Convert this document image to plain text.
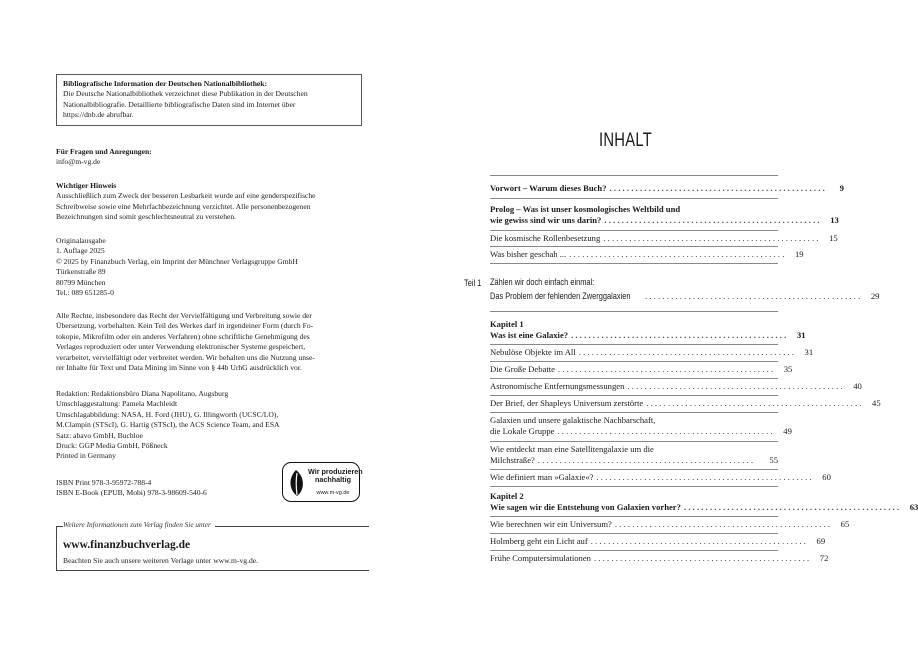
Bibliografische Information der Deutschen Nationalbibliothek:
Die Deutsche Nationalbibliothek verzeichnet diese Publikation in der Deutschen
Nationalbibliografie. Detaillierte bibliografische Daten sind im Internet über
https://dnb.de abrufbar.
Für Fragen und Anregungen:
info@m-vg.de
Wichtiger Hinweis
Ausschließlich zum Zweck der besseren Lesbarkeit wurde auf eine genderspezifische
Schreibweise sowie eine Mehrfachbezeichnung verzichtet. Alle personenbezogenen
Bezeichnungen sind somit geschlechtsneutral zu verstehen.
Originalausgabe
1. Auflage 2025
© 2025 by Finanzbuch Verlag, ein Imprint der Münchner Verlagsgruppe GmbH
Türkenstraße 89
80799 München
Tel.: 089 651285-0
Alle Rechte, insbesondere das Recht der Vervielfältigung und Verbreitung sowie der
Übersetzung, vorbehalten. Kein Teil des Werkes darf in irgendeiner Form (durch Fo-
tokopie, Mikrofilm oder ein anderes Verfahren) ohne schriftliche Genehmigung des
Verlages reproduziert oder unter Verwendung elektronischer Systeme gespeichert,
verarbeitet, vervielfältigt oder verbreitet werden. Wir behalten uns die Nutzung unse-
rer Inhalte für Text und Data Mining im Sinne von § 44b UrhG ausdrücklich vor.
Redaktion: Redaktionsbüro Diana Napolitano, Augsburg
Umschlaggestaltung: Pamela Machleidt
Umschlagabbildung: NASA, H. Ford (JHU), G. Illingworth (UCSC/LO),
M.Clampin (STScI), G. Hartig (STScI), the ACS Science Team, and ESA
Satz: abavo GmbH, Buchloe
Druck: GGP Media GmbH, Pößneck
Printed in Germany
ISBN Print 978-3-95972-788-4
ISBN E-Book (EPUB, Mobi) 978-3-98609-540-6
Wir produzieren
nachhaltig
www.m-vg.de
Weitere Informationen zum Verlag finden Sie unter
www.finanzbuchverlag.de
Beachten Sie auch unsere weiteren Verlage unter www.m-vg.de.
INHALT
Vorwort – Warum dieses Buch? ..................................................	9
Prolog – Was ist unser kosmologisches Weltbild und
wie gewiss sind wir uns darin? .................................................. 13
Die kosmische Rollenbesetzung .................................................. 15
Was bisher geschah ... .................................................. 19
Zählen wir doch einfach einmal:
Das Problem der fehlenden Zwerggalaxien	.................................................. 29
Kapitel 1
Was ist eine Galaxie? .................................................. 31
Nebulöse Objekte im All .................................................. 31
Die Große Debatte .................................................. 35
Astronomische Entfernungsmessungen .................................................. 40
Der Brief, der Shapleys Universum zerstörte .................................................. 45
Galaxien und unsere galaktische Nachbarschaft,
die Lokale Gruppe .................................................. 49
Wie entdeckt man eine Satellitengalaxie um die
Milchstraße? ..................................................	55
Wie definiert man »Galaxie«? .................................................. 60
Kapitel 2
Wie sagen wir die Entstehung von Galaxien vorher? .................................................. 63
Wie berechnen wir ein Universum? .................................................. 65
Holmberg geht ein Licht auf .................................................. 69
Frühe Computersimulationen .................................................. 72
Teil 1
